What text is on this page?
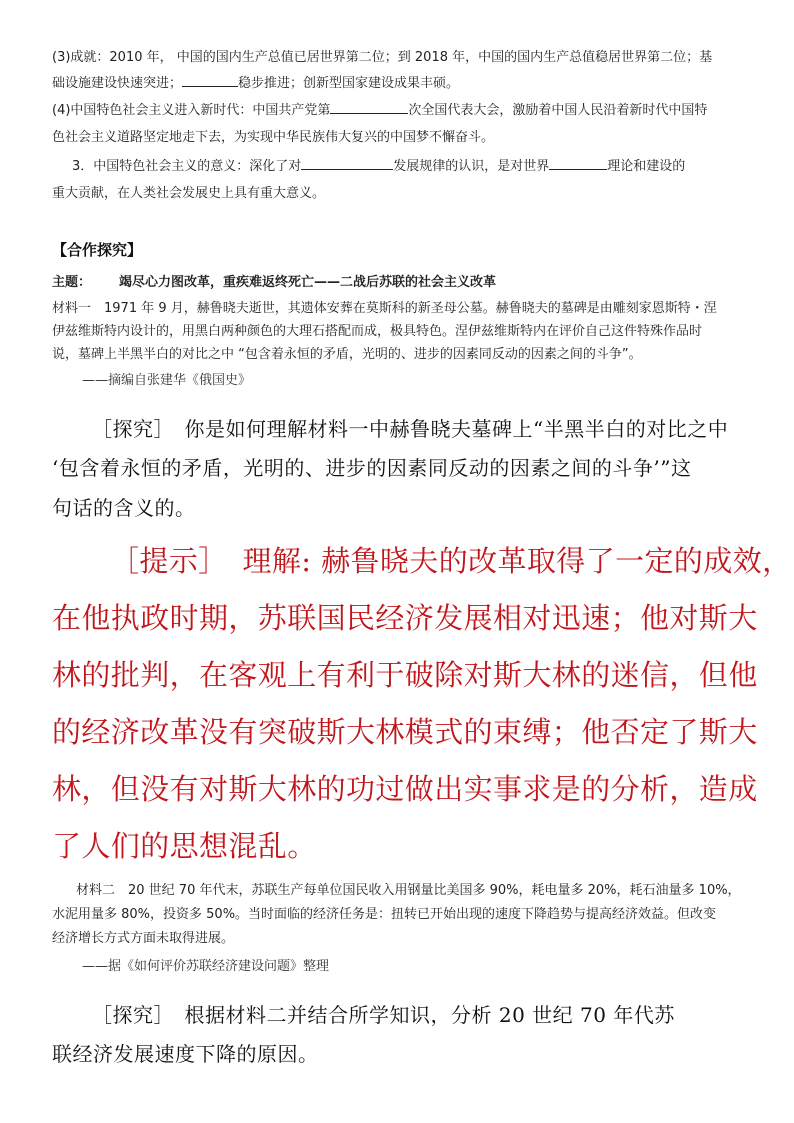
(3)成就：2010 年， 中国的国内生产总值已居世界第二位；到 2018 年，中国的国内生产总值稳居世界第二位；基

础设施建设快速突进；	稳步推进；创新型国家建设成果丰硕。

(4)中国特色社会主义进入新时代：中国共产党第	次全国代表大会，激励着中国人民沿着新时代中国特

色社会主义道路坚定地走下去，为实现中华民族伟大复兴的中国梦不懈奋斗。

3．中国特色社会主义的意义：深化了对	发展规律的认识，是对世界	理论和建设的

重大贡献，在人类社会发展史上具有重大意义。

【合作探究】

主题： 竭尽心力图改革，重疾难返终死亡——二战后苏联的社会主义改革

材料一　1971 年 9 月，赫鲁晓夫逝世，其遗体安葬在莫斯科的新圣母公墓。赫鲁晓夫的墓碑是由雕刻家恩斯特・涅

伊兹维斯特内设计的，用黑白两种颜色的大理石搭配而成，极具特色。涅伊兹维斯特内在评价自己这件特殊作品时

说，墓碑上半黑半白的对比之中 “包含着永恒的矛盾，光明的、进步的因素同反动的因素之间的斗争”。

——摘编自张建华《俄国史》

［探究］　你是如何理解材料一中赫鲁晓夫墓碑上“半黑半白的对比之中

‘包含着永恒的矛盾，光明的、进步的因素同反动的因素之间的斗争’”这

句话的含义的。

［提示］　理解: 赫鲁晓夫的改革取得了一定的成效，

在他执政时期，苏联国民经济发展相对迅速；他对斯大

林的批判，在客观上有利于破除对斯大林的迷信，但他

的经济改革没有突破斯大林模式的束缚；他否定了斯大

林，但没有对斯大林的功过做出实事求是的分析，造成

了人们的思想混乱。

材料二　20 世纪 70 年代末，苏联生产每单位国民收入用钢量比美国多 90%，耗电量多 20%，耗石油量多 10%，

水泥用量多 80%，投资多 50%。当时面临的经济任务是：扭转已开始出现的速度下降趋势与提高经济效益。但改变

经济增长方式方面未取得进展。

——据《如何评价苏联经济建设问题》整理

［探究］　根据材料二并结合所学知识，分析 20 世纪 70 年代苏

联经济发展速度下降的原因。
